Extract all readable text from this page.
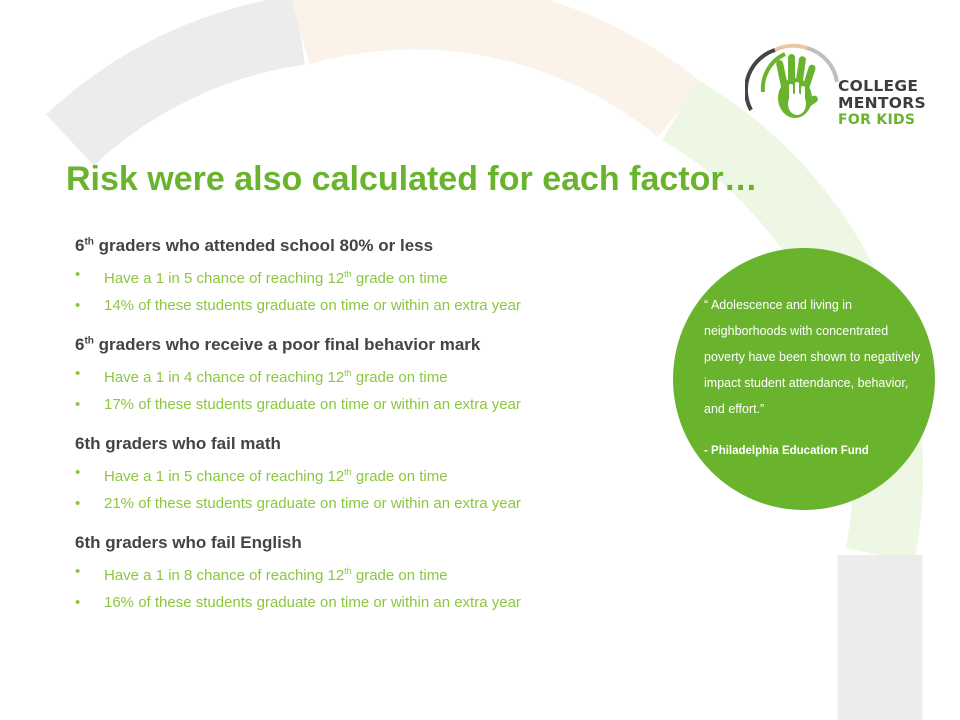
COLLEGE
MENTORS
FOR KIDS
Risk were also calculated for each factor…

6th graders who attended school 80% or less

• Have a 1 in 5 chance of reaching 12th grade on time
• 14% of these students graduate on time or within an extra year

6th graders who receive a poor final behavior mark

• Have a 1 in 4 chance of reaching 12th grade on time
• 17% of these students graduate on time or within an extra year

6th graders who fail math

• Have a 1 in 5 chance of reaching 12th grade on time
• 21% of these students graduate on time or within an extra year

6th graders who fail English

• Have a 1 in 8 chance of reaching 12th grade on time
• 16% of these students graduate on time or within an extra year

“ Adolescence and living in neighborhoods with concentrated poverty have been shown to negatively impact student attendance, behavior, and effort.”

- Philadelphia Education Fund
